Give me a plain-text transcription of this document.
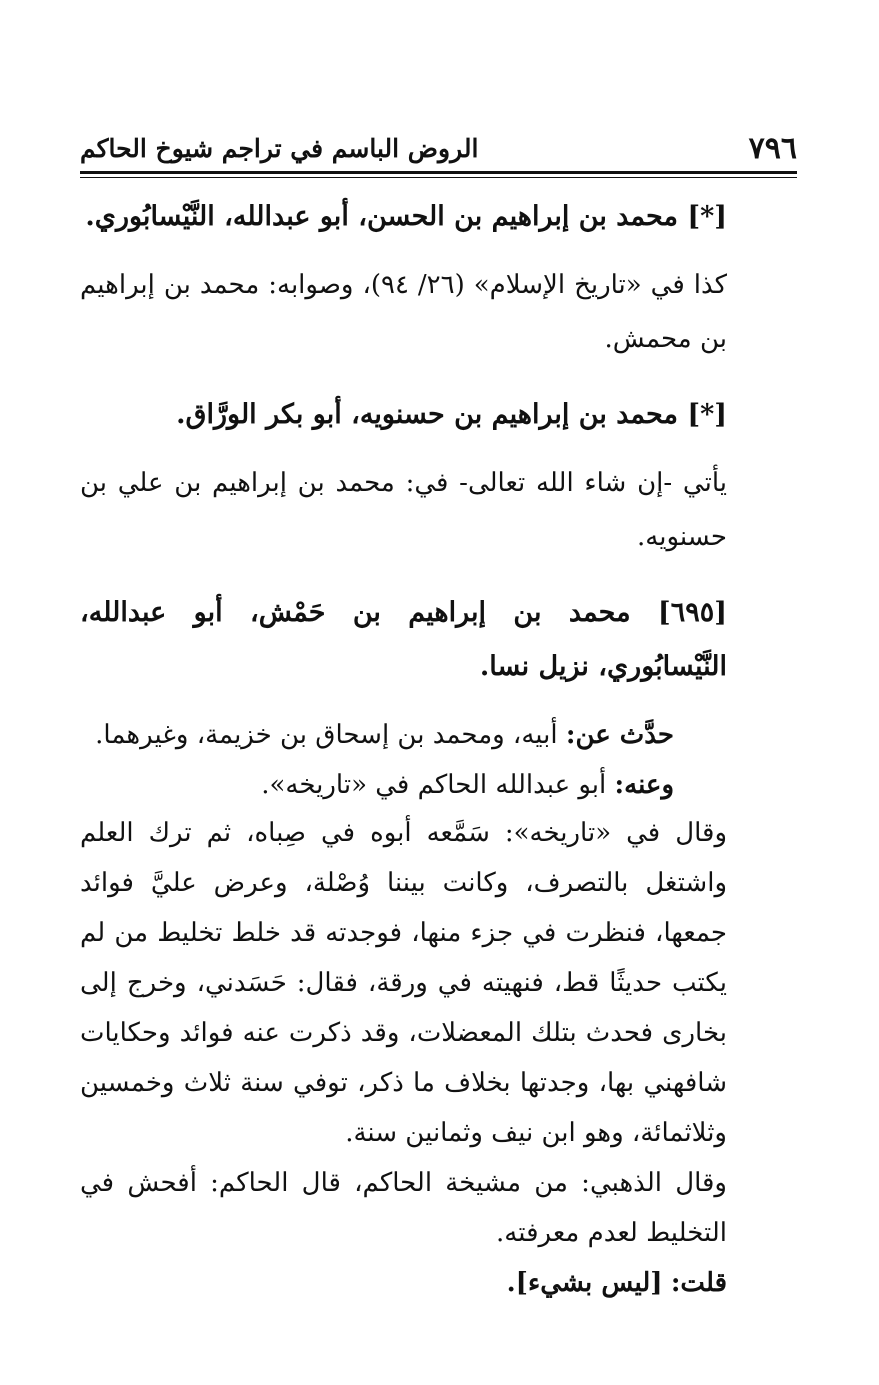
٧٩٦
الروض الباسم في تراجم شيوخ الحاكم

[*] محمد بن إبراهيم بن الحسن، أبو عبدالله، النَّيْسابُوري.

كذا في «تاريخ الإسلام» (٢٦/ ٩٤)، وصوابه: محمد بن إبراهيم بن محمش.

[*] محمد بن إبراهيم بن حسنويه، أبو بكر الورَّاق.

يأتي -إن شاء الله تعالى- في: محمد بن إبراهيم بن علي بن حسنويه.

[٦٩٥] محمد بن إبراهيم بن حَمْش، أبو عبدالله، النَّيْسابُوري، نزيل نسا.

حدَّث عن: أبيه، ومحمد بن إسحاق بن خزيمة، وغيرهما.

وعنه: أبو عبدالله الحاكم في «تاريخه».

وقال في «تاريخه»: سَمَّعه أبوه في صِباه، ثم ترك العلم واشتغل بالتصرف، وكانت بيننا وُصْلة، وعرض عليَّ فوائد جمعها، فنظرت في جزء منها، فوجدته قد خلط تخليط من لم يكتب حديثًا قط، فنهيته في ورقة، فقال: حَسَدني، وخرج إلى بخارى فحدث بتلك المعضلات، وقد ذكرت عنه فوائد وحكايات شافهني بها، وجدتها بخلاف ما ذكر، توفي سنة ثلاث وخمسين وثلاثمائة، وهو ابن نيف وثمانين سنة.

وقال الذهبي: من مشيخة الحاكم، قال الحاكم: أفحش في التخليط لعدم معرفته.

قلت: [ليس بشيء].
